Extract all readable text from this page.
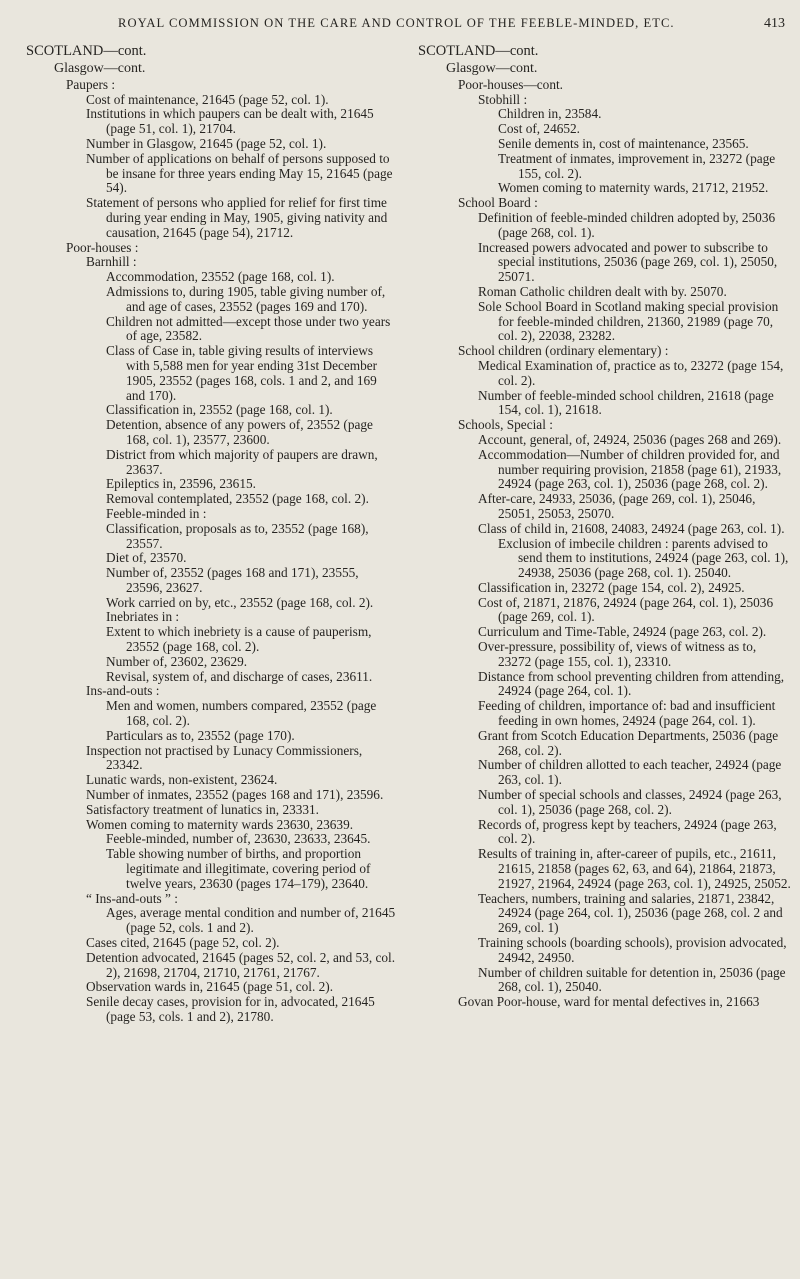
ROYAL COMMISSION ON THE CARE AND CONTROL OF THE FEEBLE-MINDED, ETC.	413
SCOTLAND—cont.
Glasgow—cont.

Paupers :

Cost of maintenance, 21645 (page 52, col. 1).

Institutions in which paupers can be dealt with, 21645 (page 51, col. 1), 21704.

Number in Glasgow, 21645 (page 52, col. 1).

Number of applications on behalf of persons supposed to be insane for three years ending May 15, 21645 (page 54).

Statement of persons who applied for relief for first time during year ending in May, 1905, giving nativity and causation, 21645 (page 54), 21712.

Poor-houses :

Barnhill :

Accommodation, 23552 (page 168, col. 1).

Admissions to, during 1905, table giving number of, and age of cases, 23552 (pages 169 and 170).

Children not admitted—except those under two years of age, 23582.

Class of Case in, table giving results of interviews with 5,588 men for year ending 31st December 1905, 23552 (pages 168, cols. 1 and 2, and 169 and 170).

Classification in, 23552 (page 168, col. 1).

Detention, absence of any powers of, 23552 (page 168, col. 1), 23577, 23600.

District from which majority of paupers are drawn, 23637.

Epileptics in, 23596, 23615.

Removal contemplated, 23552 (page 168, col. 2).

Feeble-minded in :

Classification, proposals as to, 23552 (page 168), 23557.

Diet of, 23570.

Number of, 23552 (pages 168 and 171), 23555, 23596, 23627.

Work carried on by, etc., 23552 (page 168, col. 2).

Inebriates in :

Extent to which inebriety is a cause of pauperism, 23552 (page 168, col. 2).

Number of, 23602, 23629.

Revisal, system of, and discharge of cases, 23611.

Ins-and-outs :

Men and women, numbers compared, 23552 (page 168, col. 2).

Particulars as to, 23552 (page 170).

Inspection not practised by Lunacy Commissioners, 23342.

Lunatic wards, non-existent, 23624.

Number of inmates, 23552 (pages 168 and 171), 23596.

Satisfactory treatment of lunatics in, 23331.

Women coming to maternity wards 23630, 23639.

Feeble-minded, number of, 23630, 23633, 23645.

Table showing number of births, and proportion legitimate and illegitimate, covering period of twelve years, 23630 (pages 174–179), 23640.

“ Ins-and-outs ” :

Ages, average mental condition and number of, 21645 (page 52, cols. 1 and 2).

Cases cited, 21645 (page 52, col. 2).

Detention advocated, 21645 (pages 52, col. 2, and 53, col. 2), 21698, 21704, 21710, 21761, 21767.

Observation wards in, 21645 (page 51, col. 2).

Senile decay cases, provision for in, advocated, 21645 (page 53, cols. 1 and 2), 21780.

SCOTLAND—cont.
Glasgow—cont.

Poor-houses—cont.

Stobhill :

Children in, 23584.

Cost of, 24652.

Senile dements in, cost of maintenance, 23565.

Treatment of inmates, improvement in, 23272 (page 155, col. 2).

Women coming to maternity wards, 21712, 21952.

School Board :

Definition of feeble-minded children adopted by, 25036 (page 268, col. 1).

Increased powers advocated and power to subscribe to special institutions, 25036 (page 269, col. 1), 25050, 25071.

Roman Catholic children dealt with by. 25070.

Sole School Board in Scotland making special provision for feeble-minded children, 21360, 21989 (page 70, col. 2), 22038, 23282.

School children (ordinary elementary) :

Medical Examination of, practice as to, 23272 (page 154, col. 2).

Number of feeble-minded school children, 21618 (page 154, col. 1), 21618.

Schools, Special :

Account, general, of, 24924, 25036 (pages 268 and 269).

Accommodation—Number of children provided for, and number requiring provision, 21858 (page 61), 21933, 24924 (page 263, col. 1), 25036 (page 268, col. 2).

After-care, 24933, 25036, (page 269, col. 1), 25046, 25051, 25053, 25070.

Class of child in, 21608, 24083, 24924 (page 263, col. 1).

Exclusion of imbecile children : parents advised to send them to institutions, 24924 (page 263, col. 1), 24938, 25036 (page 268, col. 1). 25040.

Classification in, 23272 (page 154, col. 2), 24925.

Cost of, 21871, 21876, 24924 (page 264, col. 1), 25036 (page 269, col. 1).

Curriculum and Time-Table, 24924 (page 263, col. 2).

Over-pressure, possibility of, views of witness as to, 23272 (page 155, col. 1), 23310.

Distance from school preventing children from attending, 24924 (page 264, col. 1).

Feeding of children, importance of: bad and insufficient feeding in own homes, 24924 (page 264, col. 1).

Grant from Scotch Education Departments, 25036 (page 268, col. 2).

Number of children allotted to each teacher, 24924 (page 263, col. 1).

Number of special schools and classes, 24924 (page 263, col. 1), 25036 (page 268, col. 2).

Records of, progress kept by teachers, 24924 (page 263, col. 2).

Results of training in, after-career of pupils, etc., 21611, 21615, 21858 (pages 62, 63, and 64), 21864, 21873, 21927, 21964, 24924 (page 263, col. 1), 24925, 25052.

Teachers, numbers, training and salaries, 21871, 23842, 24924 (page 264, col. 1), 25036 (page 268, col. 2 and 269, col. 1)

Training schools (boarding schools), provision advocated, 24942, 24950.

Number of children suitable for detention in, 25036 (page 268, col. 1), 25040.

Govan Poor-house, ward for mental defectives in, 21663
